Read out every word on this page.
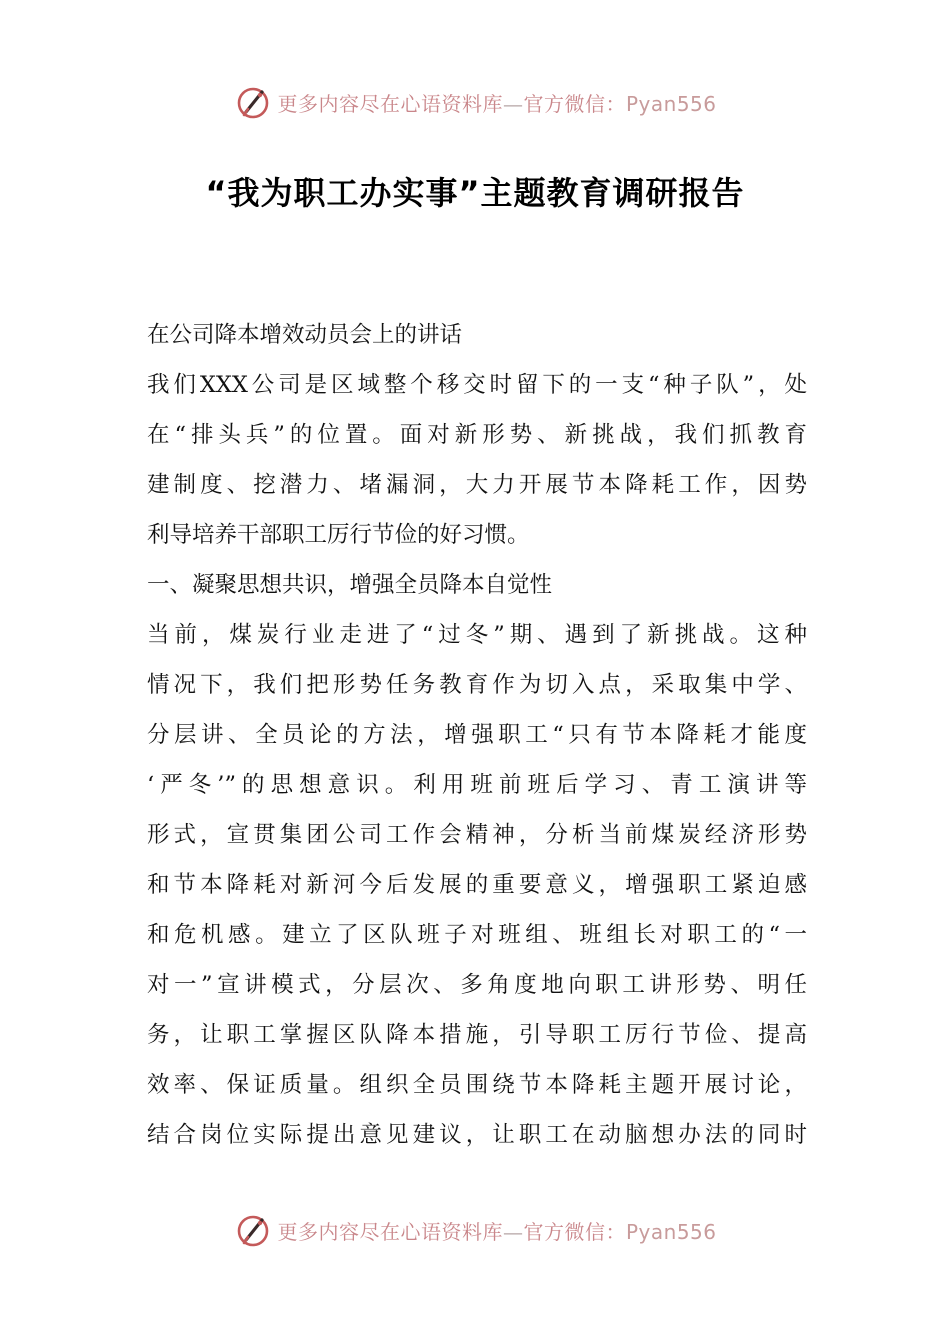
更多内容尽在心语资料库—官方微信：Pyan556
“我为职工办实事”主题教育调研报告
在公司降本增效动员会上的讲话
我们XXX公司是区域整个移交时留下的一支“种子队”，处
在“排头兵”的位置。面对新形势、新挑战，我们抓教育
建制度、挖潜力、堵漏洞，大力开展节本降耗工作，因势
利导培养干部职工厉行节俭的好习惯。
一、凝聚思想共识，增强全员降本自觉性
当前，煤炭行业走进了“过冬”期、遇到了新挑战。这种
情况下，我们把形势任务教育作为切入点，采取集中学、
分层讲、全员论的方法，增强职工“只有节本降耗才能度
‘严冬’”的思想意识。利用班前班后学习、青工演讲等
形式，宣贯集团公司工作会精神，分析当前煤炭经济形势
和节本降耗对新河今后发展的重要意义，增强职工紧迫感
和危机感。建立了区队班子对班组、班组长对职工的“一
对一”宣讲模式，分层次、多角度地向职工讲形势、明任
务，让职工掌握区队降本措施，引导职工厉行节俭、提高
效率、保证质量。组织全员围绕节本降耗主题开展讨论，
结合岗位实际提出意见建议，让职工在动脑想办法的同时
更多内容尽在心语资料库—官方微信：Pyan556
